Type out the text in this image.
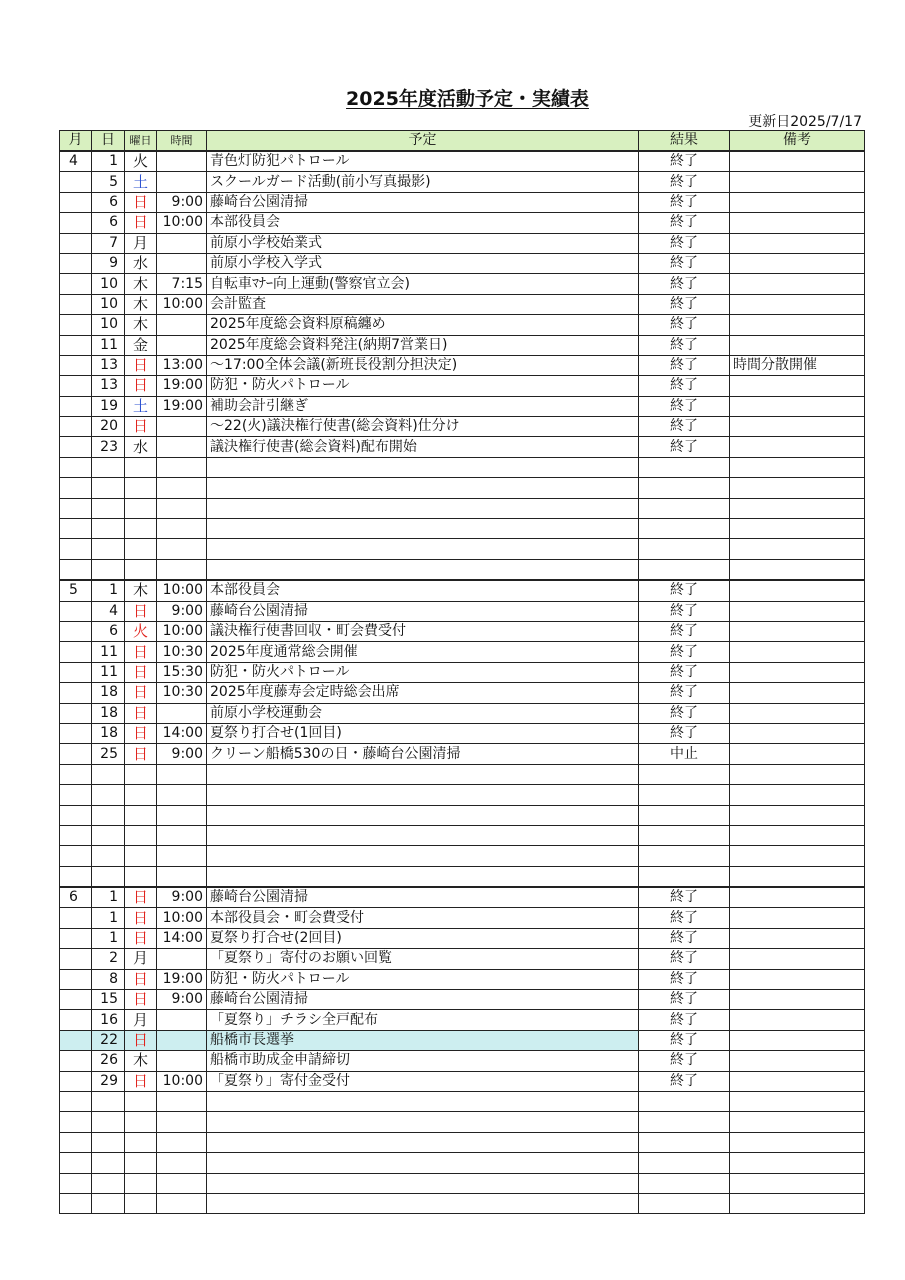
2025年度活動予定・実績表
更新日2025/7/17
月	日	曜日	時間	予定	結果	備考
4	1	火		青色灯防犯パトロール	終了	
	5	土		スクールガード活動(前小写真撮影)	終了	
	6	日	9:00	藤崎台公園清掃	終了	
	6	日	10:00	本部役員会	終了	
	7	月		前原小学校始業式	終了	
	9	水		前原小学校入学式	終了	
	10	木	7:15	自転車ﾏﾅｰ向上運動(警察官立会)	終了	
	10	木	10:00	会計監査	終了	
	10	木		2025年度総会資料原稿纏め	終了	
	11	金		2025年度総会資料発注(納期7営業日)	終了	
	13	日	13:00	～17:00全体会議(新班長役割分担決定)	終了	時間分散開催
	13	日	19:00	防犯・防火パトロール	終了	
	19	土	19:00	補助会計引継ぎ	終了	
	20	日		～22(火)議決権行使書(総会資料)仕分け	終了	
	23	水		議決権行使書(総会資料)配布開始	終了	

5	1	木	10:00	本部役員会	終了	
	4	日	9:00	藤崎台公園清掃	終了	
	6	火	10:00	議決権行使書回収・町会費受付	終了	
	11	日	10:30	2025年度通常総会開催	終了	
	11	日	15:30	防犯・防火パトロール	終了	
	18	日	10:30	2025年度藤寿会定時総会出席	終了	
	18	日		前原小学校運動会	終了	
	18	日	14:00	夏祭り打合せ(1回目)	終了	
	25	日	9:00	クリーン船橋530の日・藤崎台公園清掃	中止	

6	1	日	9:00	藤崎台公園清掃	終了	
	1	日	10:00	本部役員会・町会費受付	終了	
	1	日	14:00	夏祭り打合せ(2回目)	終了	
	2	月		「夏祭り」寄付のお願い回覧	終了	
	8	日	19:00	防犯・防火パトロール	終了	
	15	日	9:00	藤崎台公園清掃	終了	
	16	月		「夏祭り」チラシ全戸配布	終了	
	22	日		船橋市長選挙	終了	
	26	木		船橋市助成金申請締切	終了	
	29	日	10:00	「夏祭り」寄付金受付	終了	
